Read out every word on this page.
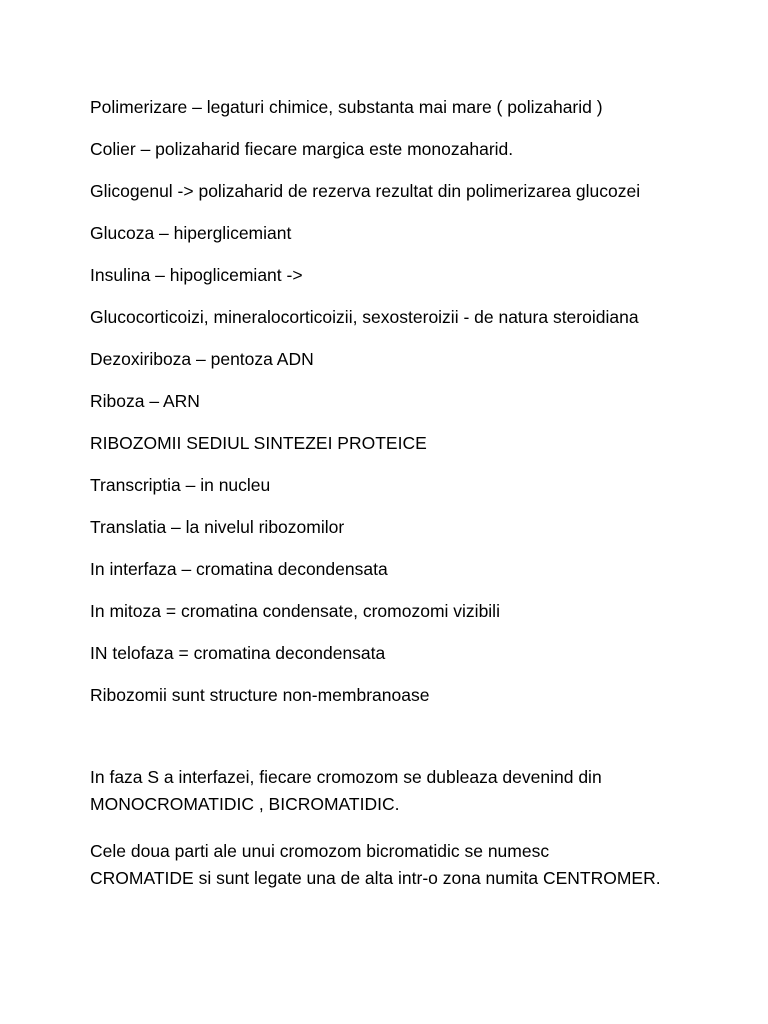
Polimerizare – legaturi chimice, substanta mai mare ( polizaharid )

Colier – polizaharid fiecare margica este monozaharid.

Glicogenul -> polizaharid de rezerva rezultat din polimerizarea glucozei

Glucoza – hiperglicemiant

Insulina – hipoglicemiant ->

Glucocorticoizi, mineralocorticoizii, sexosteroizii - de natura steroidiana

Dezoxiriboza – pentoza ADN

Riboza – ARN

RIBOZOMII SEDIUL SINTEZEI PROTEICE

Transcriptia – in nucleu

Translatia – la nivelul ribozomilor

In interfaza – cromatina decondensata

In mitoza = cromatina condensate, cromozomi vizibili

IN telofaza = cromatina decondensata

Ribozomii sunt structure non-membranoase

In faza S a interfazei, fiecare cromozom se dubleaza devenind din
MONOCROMATIDIC , BICROMATIDIC.
Cele doua parti ale unui cromozom bicromatidic se numesc
CROMATIDE si sunt legate una de alta intr-o zona numita CENTROMER.
